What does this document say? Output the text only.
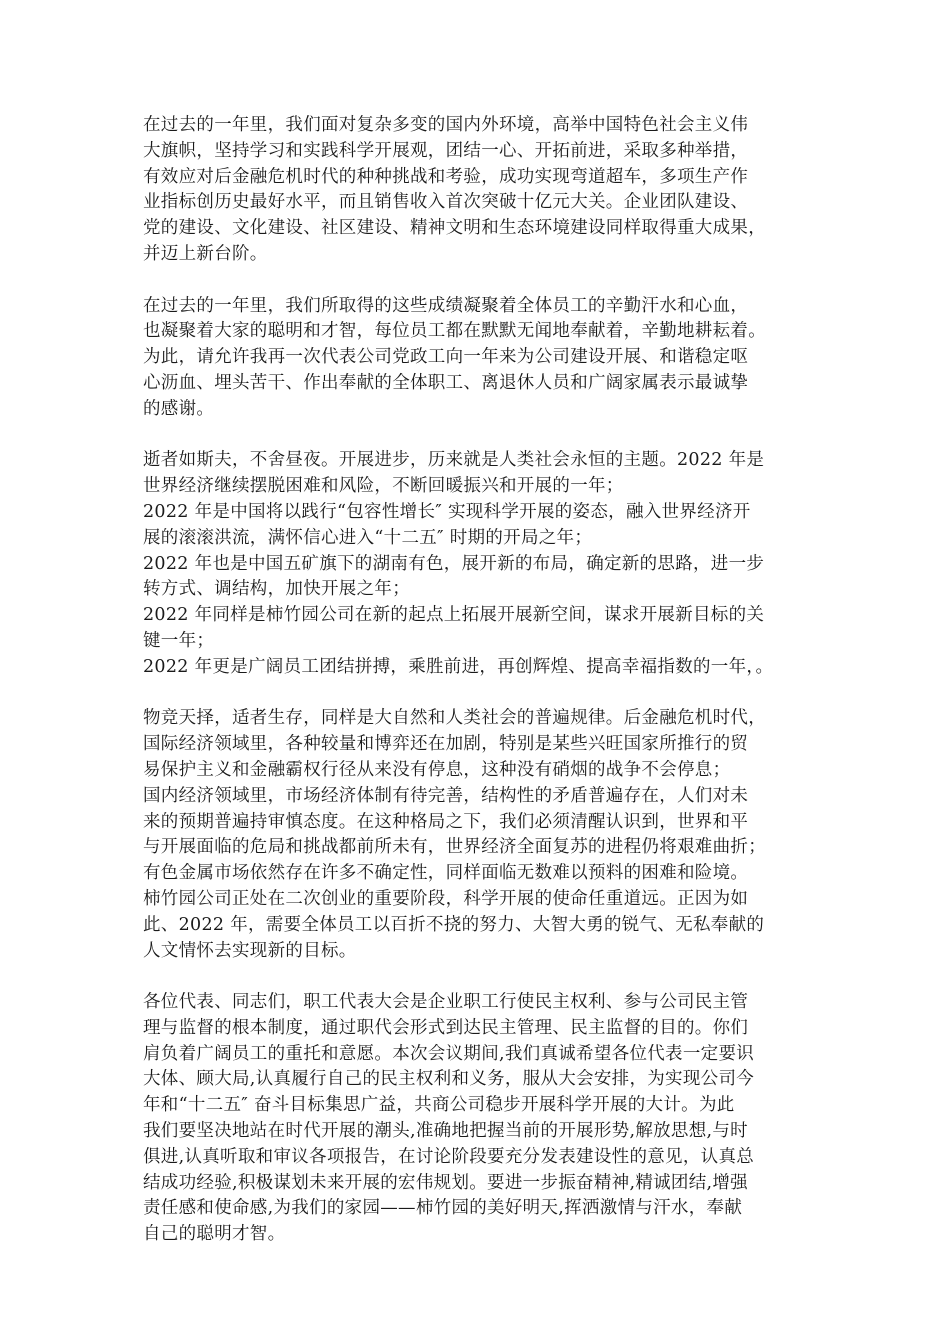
在过去的一年里，我们面对复杂多变的国内外环境，高举中国特色社会主义伟
大旗帜，坚持学习和实践科学开展观，团结一心、开拓前进，采取多种举措，
有效应对后金融危机时代的种种挑战和考验，成功实现弯道超车，多项生产作
业指标创历史最好水平，而且销售收入首次突破十亿元大关。企业团队建设、
党的建设、文化建设、社区建设、精神文明和生态环境建设同样取得重大成果，
并迈上新台阶。

在过去的一年里，我们所取得的这些成绩凝聚着全体员工的辛勤汗水和心血，
也凝聚着大家的聪明和才智，每位员工都在默默无闻地奉献着，辛勤地耕耘着。
为此，请允许我再一次代表公司党政工向一年来为公司建设开展、和谐稳定呕
心沥血、埋头苦干、作出奉献的全体职工、离退休人员和广阔家属表示最诚挚
的感谢。

逝者如斯夫，不舍昼夜。开展进步，历来就是人类社会永恒的主题。2022 年是
世界经济继续摆脱困难和风险，不断回暖振兴和开展的一年；
2022 年是中国将以践行“包容性增长″ 实现科学开展的姿态，融入世界经济开
展的滚滚洪流，满怀信心进入“十二五″ 时期的开局之年；
2022 年也是中国五矿旗下的湖南有色，展开新的布局，确定新的思路，进一步
转方式、调结构，加快开展之年；
2022 年同样是柿竹园公司在新的起点上拓展开展新空间，谋求开展新目标的关
键一年；
2022 年更是广阔员工团结拼搏，乘胜前进，再创辉煌、提高幸福指数的一年，。

物竞天择，适者生存，同样是大自然和人类社会的普遍规律。后金融危机时代，
国际经济领域里，各种较量和博弈还在加剧，特别是某些兴旺国家所推行的贸
易保护主义和金融霸权行径从来没有停息，这种没有硝烟的战争不会停息；
国内经济领域里，市场经济体制有待完善，结构性的矛盾普遍存在，人们对未
来的预期普遍持审慎态度。在这种格局之下，我们必须清醒认识到，世界和平
与开展面临的危局和挑战都前所未有，世界经济全面复苏的进程仍将艰难曲折；
有色金属市场依然存在许多不确定性，同样面临无数难以预料的困难和险境。
柿竹园公司正处在二次创业的重要阶段，科学开展的使命任重道远。正因为如
此、2022 年，需要全体员工以百折不挠的努力、大智大勇的锐气、无私奉献的
人文情怀去实现新的目标。

各位代表、同志们，职工代表大会是企业职工行使民主权利、参与公司民主管
理与监督的根本制度，通过职代会形式到达民主管理、民主监督的目的。你们
肩负着广阔员工的重托和意愿。本次会议期间,我们真诚希望各位代表一定要识
大体、顾大局,认真履行自己的民主权利和义务，服从大会安排，为实现公司今
年和“十二五″ 奋斗目标集思广益，共商公司稳步开展科学开展的大计。为此
我们要坚决地站在时代开展的潮头,准确地把握当前的开展形势,解放思想,与时
俱进,认真听取和审议各项报告，在讨论阶段要充分发表建设性的意见，认真总
结成功经验,积极谋划未来开展的宏伟规划。要进一步振奋精神,精诚团结,增强
责任感和使命感,为我们的家园——柿竹园的美好明天,挥洒激情与汗水，奉献
自己的聪明才智。
